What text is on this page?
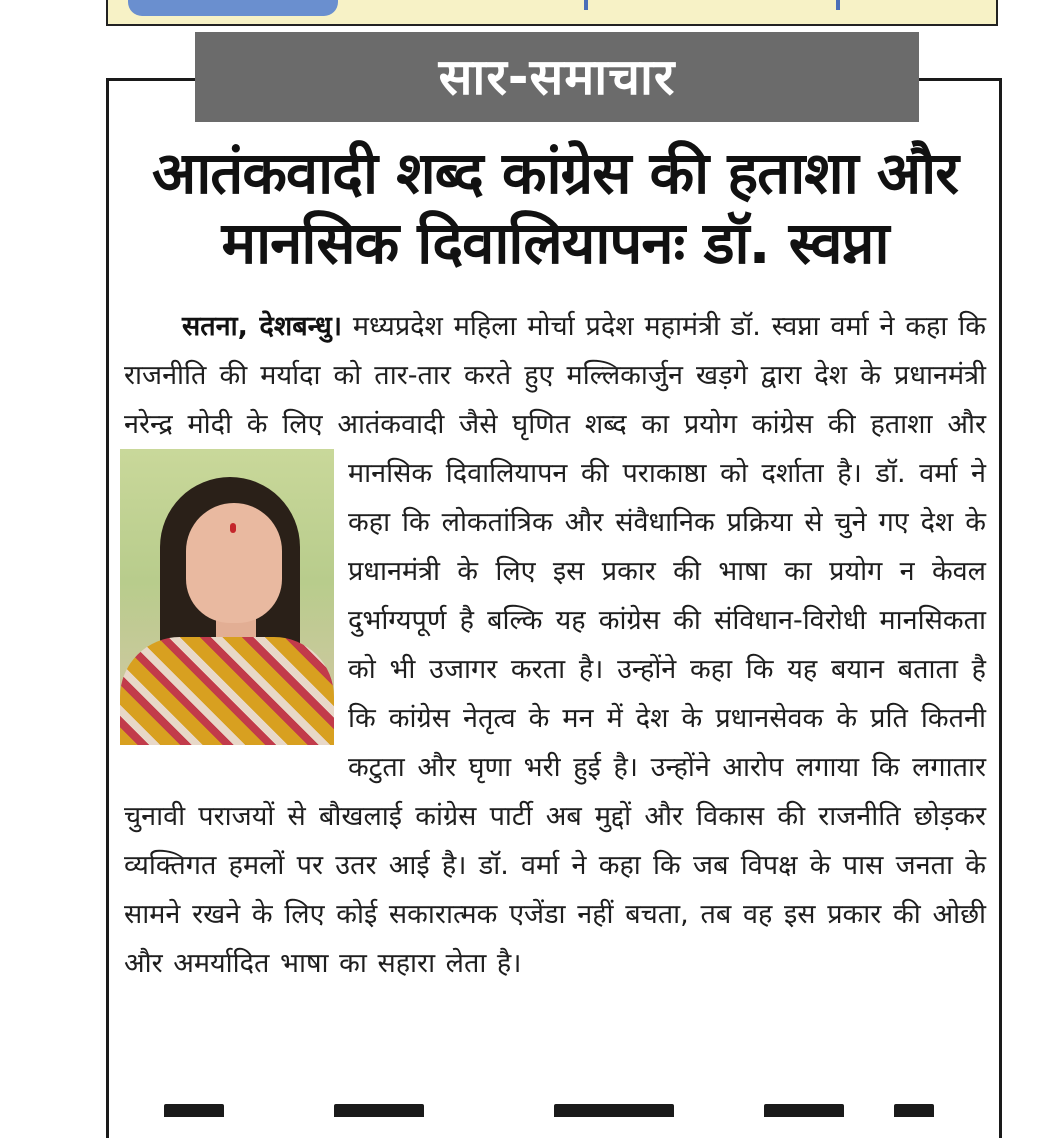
सार-समाचार
आतंकवादी शब्द कांग्रेस की हताशा और
मानसिक दिवालियापनः डॉ. स्वप्ना

सतना, देशबन्धु। मध्यप्रदेश महिला मोर्चा प्रदेश महामंत्री डॉ. स्वप्ना वर्मा ने कहा कि राजनीति की मर्यादा को तार-तार करते हुए मल्लिकार्जुन खड़गे द्वारा देश के प्रधानमंत्री नरेन्द्र मोदी के लिए आतंकवादी जैसे घृणित शब्द का प्रयोग कांग्रेस की हताशा और मानसिक
दिवालियापन की पराकाष्ठा को दर्शाता है। डॉ. वर्मा ने कहा कि लोकतांत्रिक और संवैधानिक प्रक्रिया से चुने गए देश के प्रधानमंत्री के लिए इस प्रकार की भाषा का प्रयोग न केवल दुर्भाग्यपूर्ण है बल्कि यह कांग्रेस की संविधान-विरोधी मानसिकता को भी उजागर करता है। उन्होंने कहा कि यह बयान बताता है कि कांग्रेस नेतृत्व के मन में देश के प्रधानसेवक के प्रति कितनी कटुता और घृणा भरी हुई है। उन्होंने आरोप लगाया कि लगातार चुनावी पराजयों से बौखलाई कांग्रेस पार्टी अब मुद्दों और विकास की राजनीति छोड़कर व्यक्तिगत हमलों पर उतर आई है। डॉ. वर्मा ने कहा कि जब विपक्ष के पास जनता के सामने रखने के लिए कोई सकारात्मक एजेंडा नहीं बचता, तब वह इस प्रकार की ओछी और अमर्यादित भाषा का सहारा लेता है।
